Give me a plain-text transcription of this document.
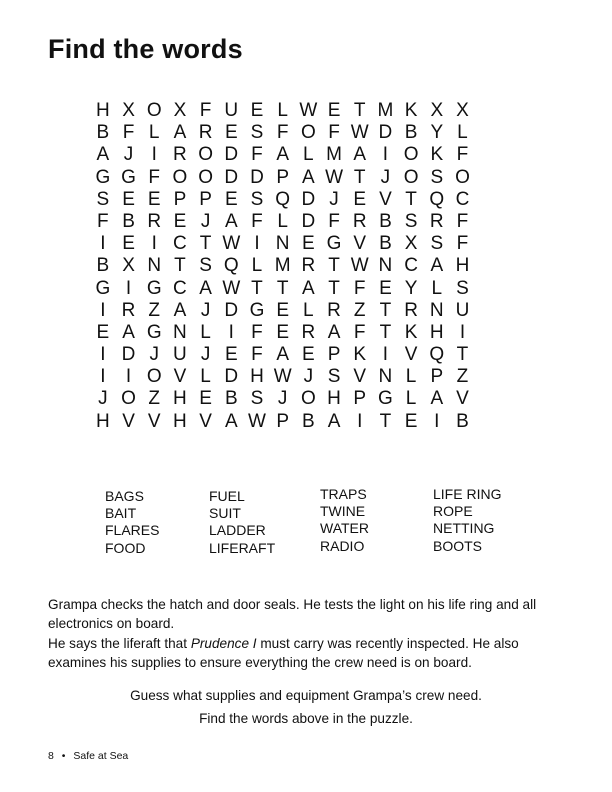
Find the words
H X O X F U E L W E T M K X X
B F L A R E S F O F W D B Y L
A J I R O D F A L M A I O K F
G G F O O D D P A W T J O S O
S E E P P E S Q D J E V T Q C
F B R E J A F L D F R B S R F
I E I C T W I N E G V B X S F
B X N T S Q L M R T W N C A H
G I G C A W T T A T F E Y L S
I R Z A J D G E L R Z T R N U
E A G N L I F E R A F T K H I
I D J U J E F A E P K I V Q T
I	I O V L D H W J S V N L P Z
J O Z H E B S J O H P G L A V
H V V H V A W P B A I T E I B
BAGS
BAIT
FLARES
FOOD
FUEL
SUIT
LADDER
LIFERAFT
TRAPS
TWINE
WATER
RADIO
LIFE RING
ROPE
NETTING
BOOTS

Grampa checks the hatch and door seals. He tests the light on his life ring and all electronics on board.

He says the liferaft that Prudence I must carry was recently inspected. He also examines his supplies to ensure everything the crew need is on board.

Guess what supplies and equipment Grampa’s crew need.

Find the words above in the puzzle.

8 • Safe at Sea
